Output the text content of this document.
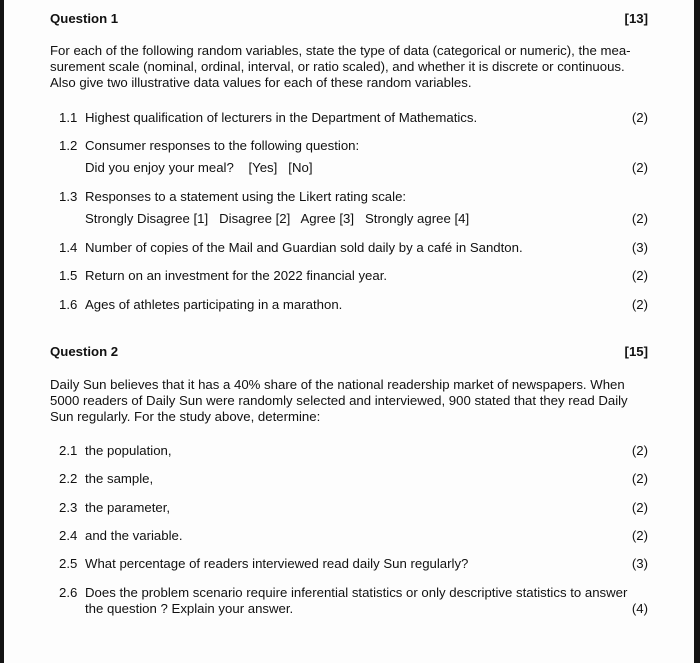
Question 1	[13]
For each of the following random variables, state the type of data (categorical or numeric), the mea-
surement scale (nominal, ordinal, interval, or ratio scaled), and whether it is discrete or continuous.
Also give two illustrative data values for each of these random variables.
1.1 Highest qualification of lecturers in the Department of Mathematics.	(2)
1.2 Consumer responses to the following question:
Did you enjoy your meal?    [Yes]   [No]	(2)
1.3 Responses to a statement using the Likert rating scale:
Strongly Disagree [1]   Disagree [2]   Agree [3]   Strongly agree [4]	(2)
1.4 Number of copies of the Mail and Guardian sold daily by a café in Sandton.	(3)
1.5 Return on an investment for the 2022 financial year.	(2)
1.6 Ages of athletes participating in a marathon.	(2)
Question 2	[15]
Daily Sun believes that it has a 40% share of the national readership market of newspapers. When
5000 readers of Daily Sun were randomly selected and interviewed, 900 stated that they read Daily
Sun regularly. For the study above, determine:
2.1 the population,	(2)
2.2 the sample,	(2)
2.3 the parameter,	(2)
2.4 and the variable.	(2)
2.5 What percentage of readers interviewed read daily Sun regularly?	(3)
2.6 Does the problem scenario require inferential statistics or only descriptive statistics to answer
the question ? Explain your answer.	(4)
